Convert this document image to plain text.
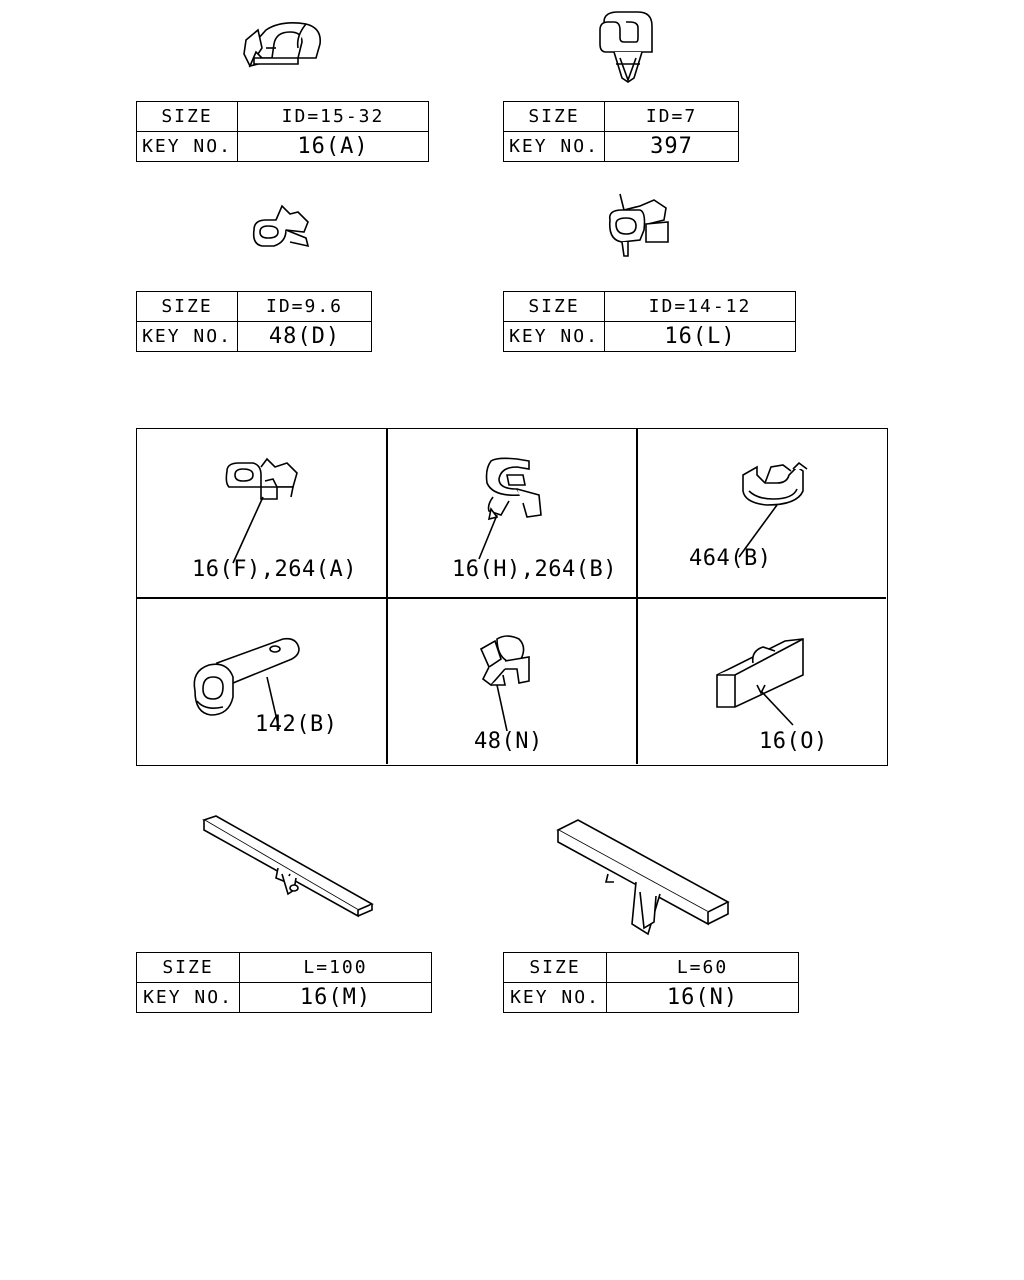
SIZE	ID=15-32
KEY NO.	16(A)
SIZE	ID=7
KEY NO.	397
SIZE	ID=9.6
KEY NO.	48(D)
SIZE	ID=14-12
KEY NO.	16(L)
16(F),264(A)	16(H),264(B)	464(B)
142(B)
48(N)	16(O)
SIZE	L=100
KEY NO.	16(M)
SIZE	L=60
KEY NO.	16(N)
